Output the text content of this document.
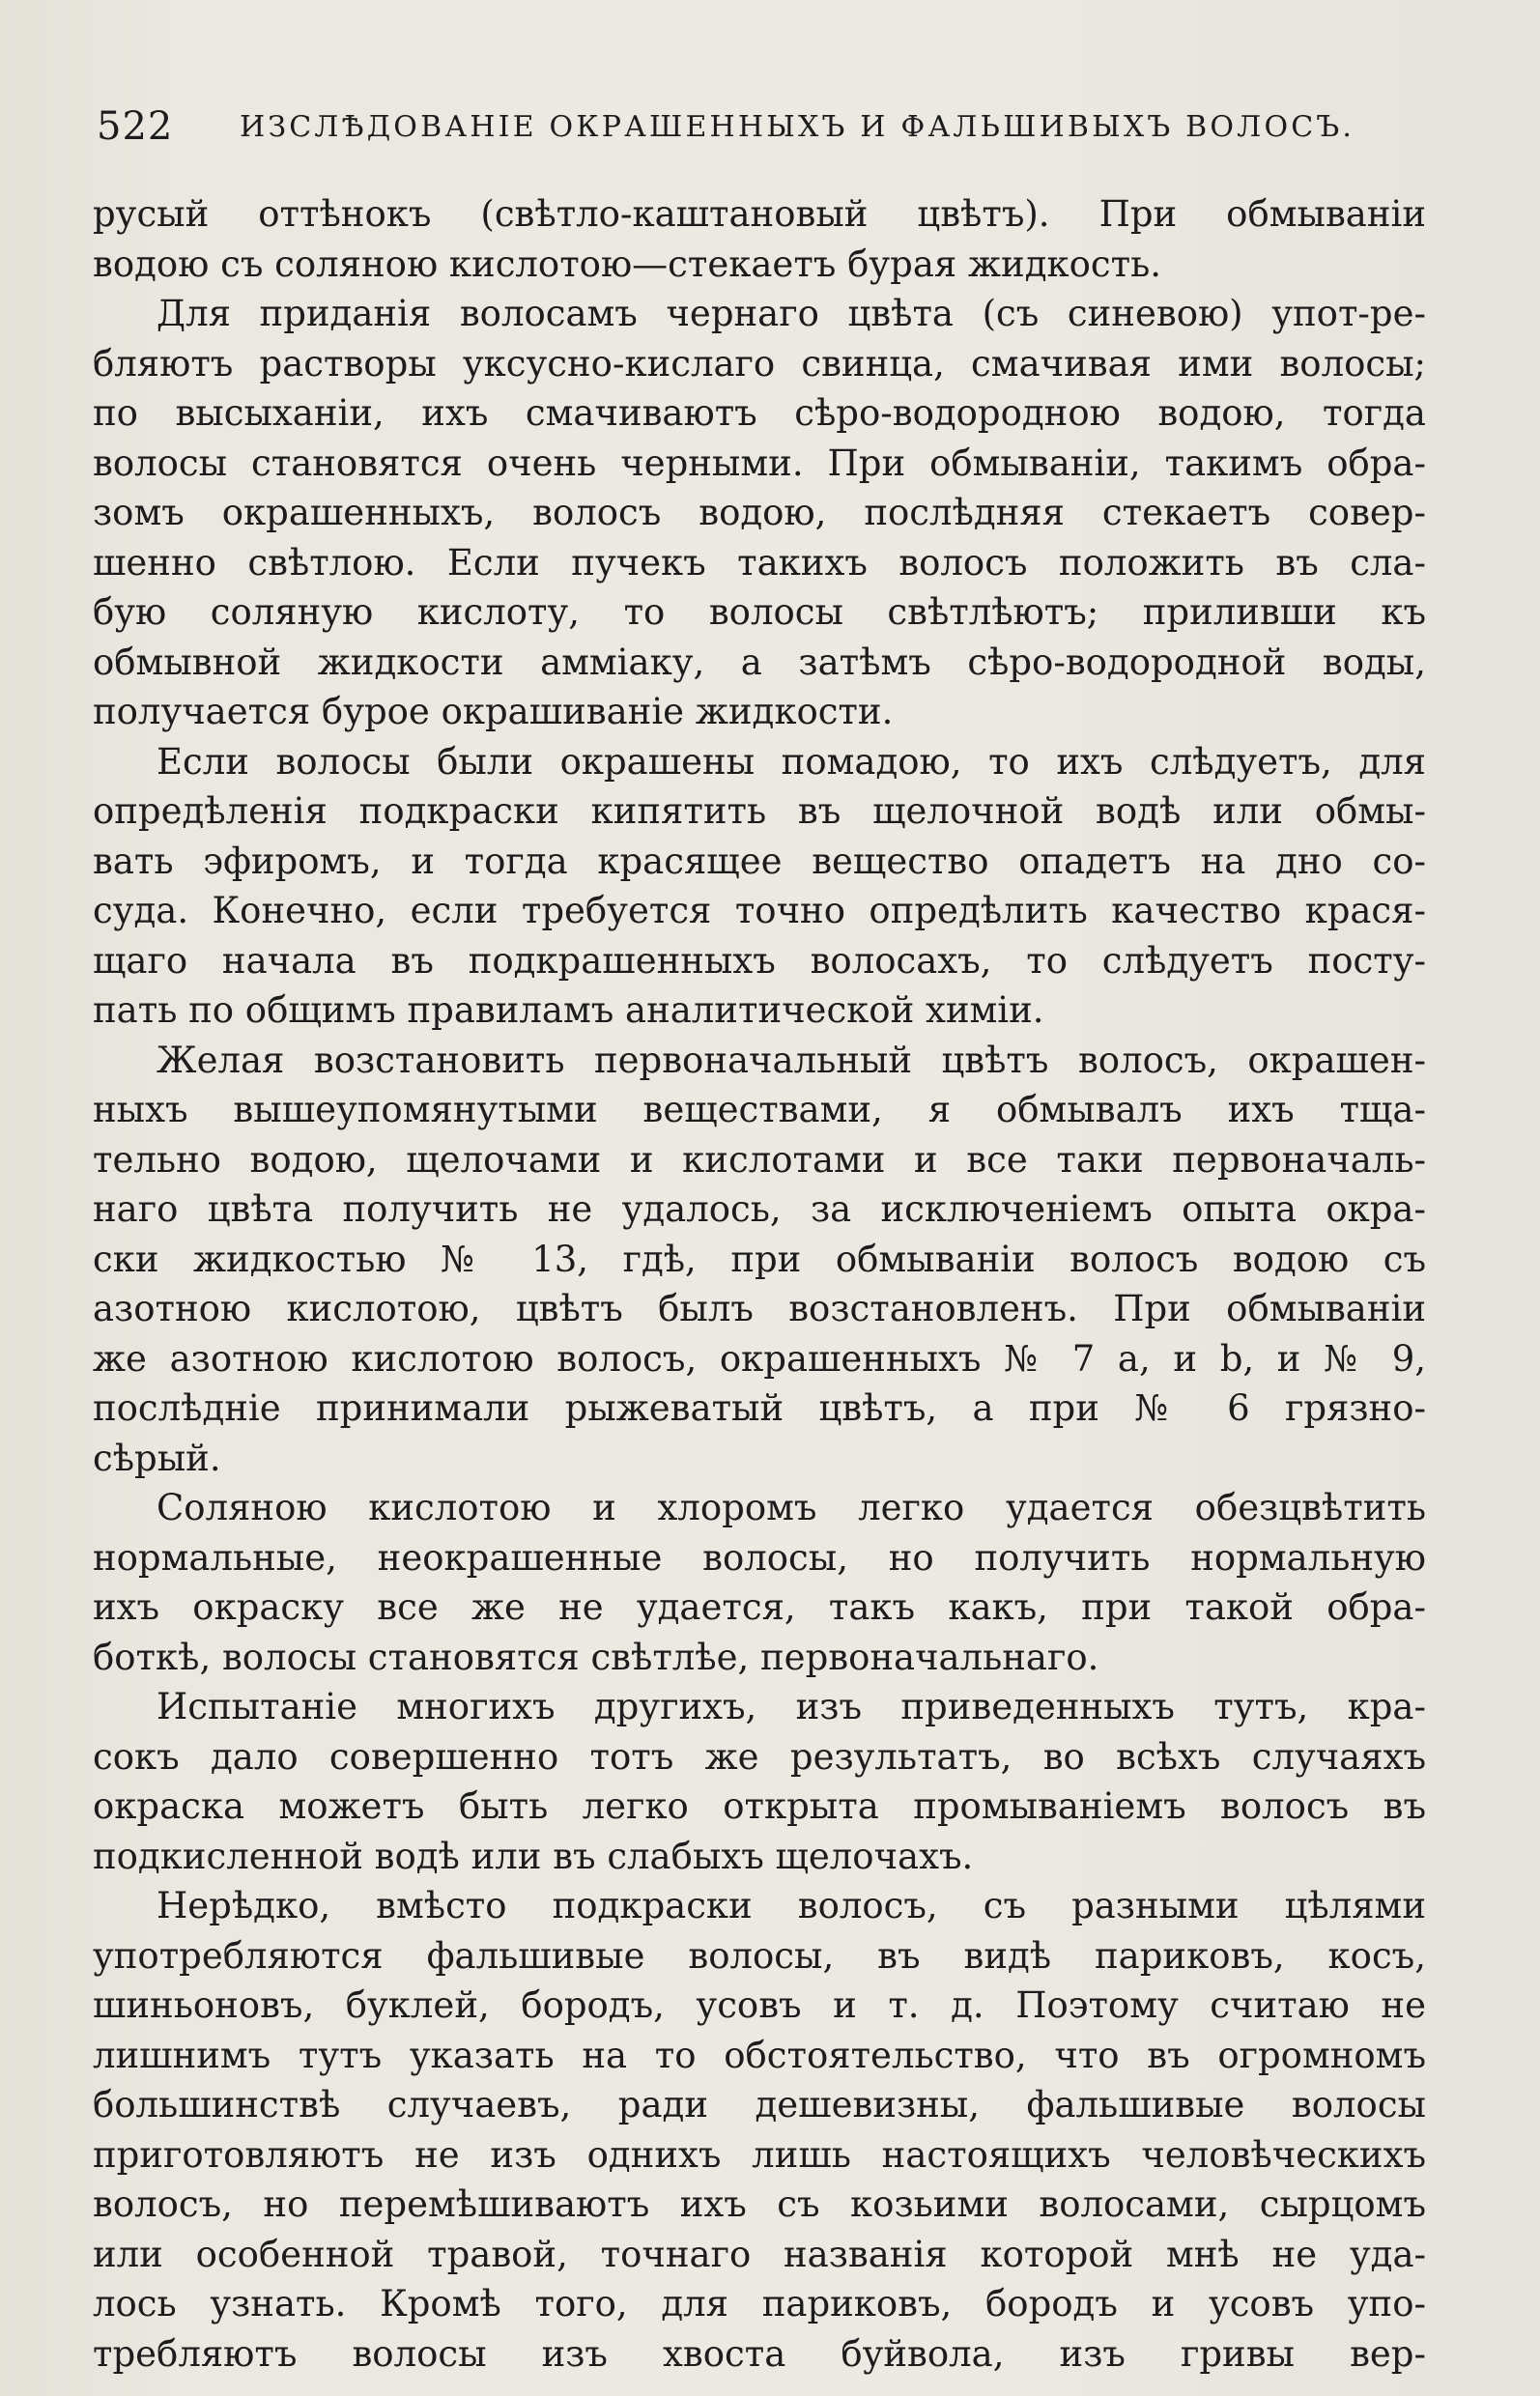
522 ИЗСЛѢДОВАНІЕ ОКРАШЕННЫХЪ И ФАЛЬШИВЫХЪ ВОЛОСЪ.
русый оттѣнокъ (свѣтло-каштановый цвѣтъ). При обмываніи
водою съ соляною кислотою—стекаетъ бурая жидкость.
Для приданія волосамъ чернаго цвѣта (съ синевою) упот-ре-
бляютъ растворы уксусно-кислаго свинца, смачивая ими волосы;
по высыханіи, ихъ смачиваютъ сѣро-водородною водою, тогда
волосы становятся очень черными. При обмываніи, такимъ обра-
зомъ окрашенныхъ, волосъ водою, послѣдняя стекаетъ совер-
шенно свѣтлою. Если пучекъ такихъ волосъ положить въ сла-
бую соляную кислоту, то волосы свѣтлѣютъ; приливши къ
обмывной жидкости амміаку, а затѣмъ сѣро-водородной воды,
получается бурое окрашиваніе жидкости.
Если волосы были окрашены помадою, то ихъ слѣдуетъ, для
опредѣленія подкраски кипятить въ щелочной водѣ или обмы-
вать эфиромъ, и тогда красящее вещество опадетъ на дно со-
суда. Конечно, если требуется точно опредѣлить качество крася-
щаго начала въ подкрашенныхъ волосахъ, то слѣдуетъ посту-
пать по общимъ правиламъ аналитической химіи.
Желая возстановить первоначальный цвѣтъ волосъ, окрашен-
ныхъ вышеупомянутыми веществами, я обмывалъ ихъ тща-
тельно водою, щелочами и кислотами и все таки первоначаль-
наго цвѣта получить не удалось, за исключеніемъ опыта окра-
ски жидкостью № 13, гдѣ, при обмываніи волосъ водою съ
азотною кислотою, цвѣтъ былъ возстановленъ. При обмываніи
же азотною кислотою волосъ, окрашенныхъ № 7 a, и b, и № 9,
послѣдніе принимали рыжеватый цвѣтъ, а при № 6 грязно-
сѣрый.
Соляною кислотою и хлоромъ легко удается обезцвѣтить
нормальные, неокрашенные волосы, но получить нормальную
ихъ окраску все же не удается, такъ какъ, при такой обра-
боткѣ, волосы становятся свѣтлѣе, первоначальнаго.
Испытаніе многихъ другихъ, изъ приведенныхъ тутъ, кра-
сокъ дало совершенно тотъ же результатъ, во всѣхъ случаяхъ
окраска можетъ быть легко открыта промываніемъ волосъ въ
подкисленной водѣ или въ слабыхъ щелочахъ.
Нерѣдко, вмѣсто подкраски волосъ, съ разными цѣлями
употребляются фальшивые волосы, въ видѣ париковъ, косъ,
шиньоновъ, буклей, бородъ, усовъ и т. д. Поэтому считаю не
лишнимъ тутъ указать на то обстоятельство, что въ огромномъ
большинствѣ случаевъ, ради дешевизны, фальшивые волосы
приготовляютъ не изъ однихъ лишь настоящихъ человѣческихъ
волосъ, но перемѣшиваютъ ихъ съ козьими волосами, сырцомъ
или особенной травой, точнаго названія которой мнѣ не уда-
лось узнать. Кромѣ того, для париковъ, бородъ и усовъ упо-
требляютъ волосы изъ хвоста буйвола, изъ гривы вер-
